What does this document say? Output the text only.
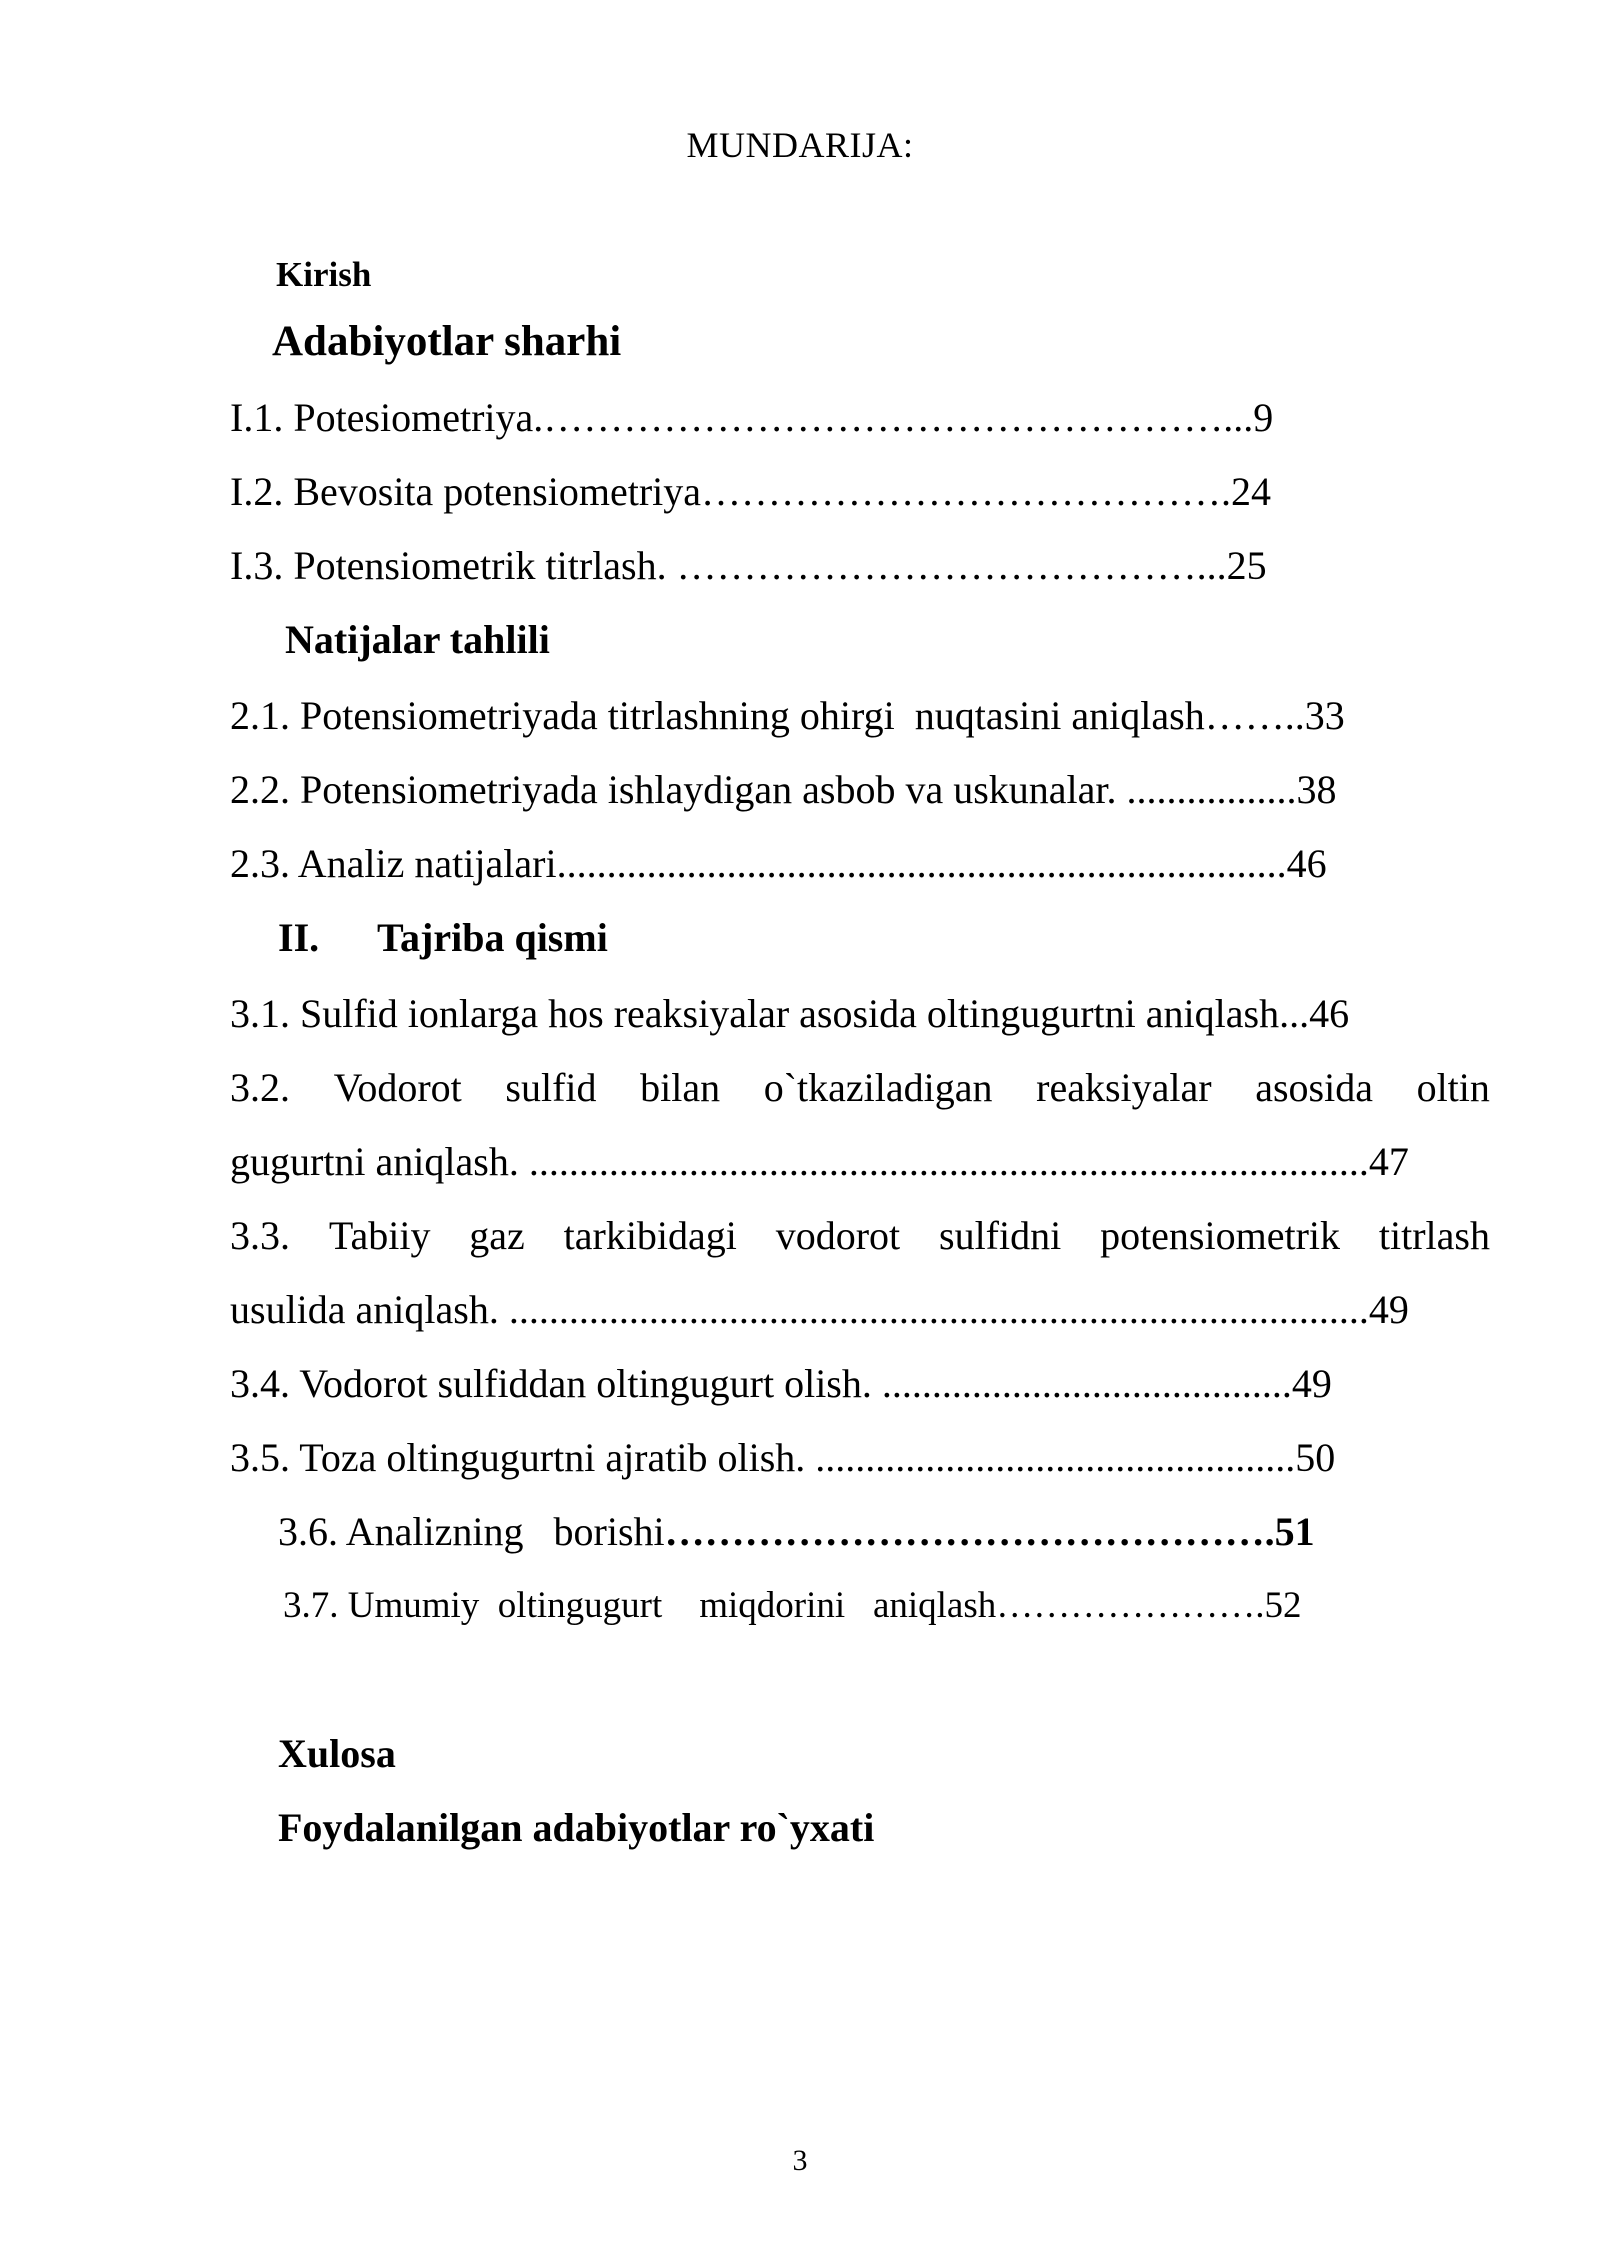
MUNDARIJA:
Kirish
Adabiyotlar sharhi
I.1. Potesiometriya.……………………………………………...9
I.2. Bevosita potensiometriya………………………………….24
I.3. Potensiometrik titrlash. …………………………………...25
Natijalar tahlili
2.1. Potensiometriyada titrlashning ohirgi  nuqtasini aniqlash……..33
2.2. Potensiometriyada ishlaydigan asbob va uskunalar. .................38
2.3. Analiz natijalari.........................................................................46
II. Tajriba qismi
3.1. Sulfid ionlarga hos reaksiyalar asosida oltingugurtni aniqlash...46
3.2. Vodorot sulfid bilan o`tkaziladigan reaksiyalar asosida oltin
gugurtni aniqlash. ....................................................................................47
3.3. Tabiiy gaz tarkibidagi vodorot sulfidni potensiometrik titrlash
usulida aniqlash. ......................................................................................49
3.4. Vodorot sulfiddan oltingugurt olish. .........................................49
3.5. Toza oltingugurtni ajratib olish. ................................................50
3.6. Analizning   borishi……………………………………….51
3.7. Umumiy  oltingugurt    miqdorini   aniqlash………………….52
Xulosa
Foydalanilgan adabiyotlar ro`yxati
3
